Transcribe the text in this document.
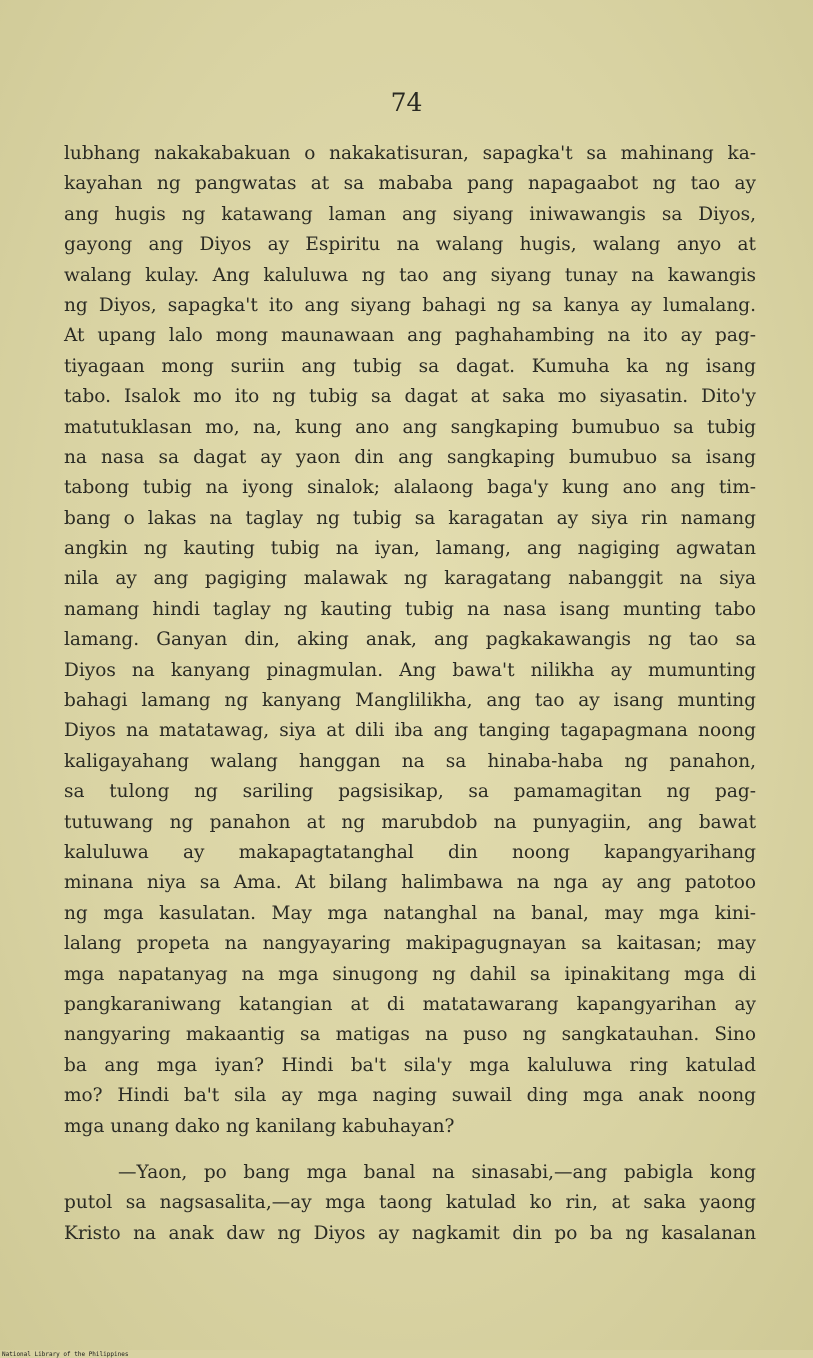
74

lubhang nakakabakuan o nakakatisuran, sapagka't sa mahinang ka-
kayahan ng pangwatas at sa mababa pang napagaabot ng tao ay
ang hugis ng katawang laman ang siyang iniwawangis sa Diyos,
gayong ang Diyos ay Espiritu na walang hugis, walang anyo at
walang kulay. Ang kaluluwa ng tao ang siyang tunay na kawangis
ng Diyos, sapagka't ito ang siyang bahagi ng sa kanya ay lumalang.
At upang lalo mong maunawaan ang paghahambing na ito ay pag-
tiyagaan mong suriin ang tubig sa dagat. Kumuha ka ng isang
tabo. Isalok mo ito ng tubig sa dagat at saka mo siyasatin. Dito'y
matutuklasan mo, na, kung ano ang sangkaping bumubuo sa tubig
na nasa sa dagat ay yaon din ang sangkaping bumubuo sa isang
tabong tubig na iyong sinalok; alalaong baga'y kung ano ang tim-
bang o lakas na taglay ng tubig sa karagatan ay siya rin namang
angkin ng kauting tubig na iyan, lamang, ang nagiging agwatan
nila ay ang pagiging malawak ng karagatang nabanggit na siya
namang hindi taglay ng kauting tubig na nasa isang munting tabo
lamang. Ganyan din, aking anak, ang pagkakawangis ng tao sa
Diyos na kanyang pinagmulan. Ang bawa't nilikha ay mumunting
bahagi lamang ng kanyang Manglilikha, ang tao ay isang munting
Diyos na matatawag, siya at dili iba ang tanging tagapagmana noong
kaligayahang walang hanggan na sa hinaba-haba ng panahon,
sa tulong ng sariling pagsisikap, sa pamamagitan ng pag-
tutuwang ng panahon at ng marubdob na punyagiin, ang bawat
kaluluwa ay makapagtatanghal din noong kapangyarihang
minana niya sa Ama. At bilang halimbawa na nga ay ang patotoo
ng mga kasulatan. May mga natanghal na banal, may mga kini-
lalang propeta na nangyayaring makipagugnayan sa kaitasan; may
mga napatanyag na mga sinugong ng dahil sa ipinakitang mga di
pangkaraniwang katangian at di matatawarang kapangyarihan ay
nangyaring makaantig sa matigas na puso ng sangkatauhan. Sino
ba ang mga iyan? Hindi ba't sila'y mga kaluluwa ring katulad
mo? Hindi ba't sila ay mga naging suwail ding mga anak noong
mga unang dako ng kanilang kabuhayan?
—Yaon, po bang mga banal na sinasabi,—ang pabigla kong
putol sa nagsasalita,—ay mga taong katulad ko rin, at saka yaong
Kristo na anak daw ng Diyos ay nagkamit din po ba ng kasalanan

National Library of the Philippines
